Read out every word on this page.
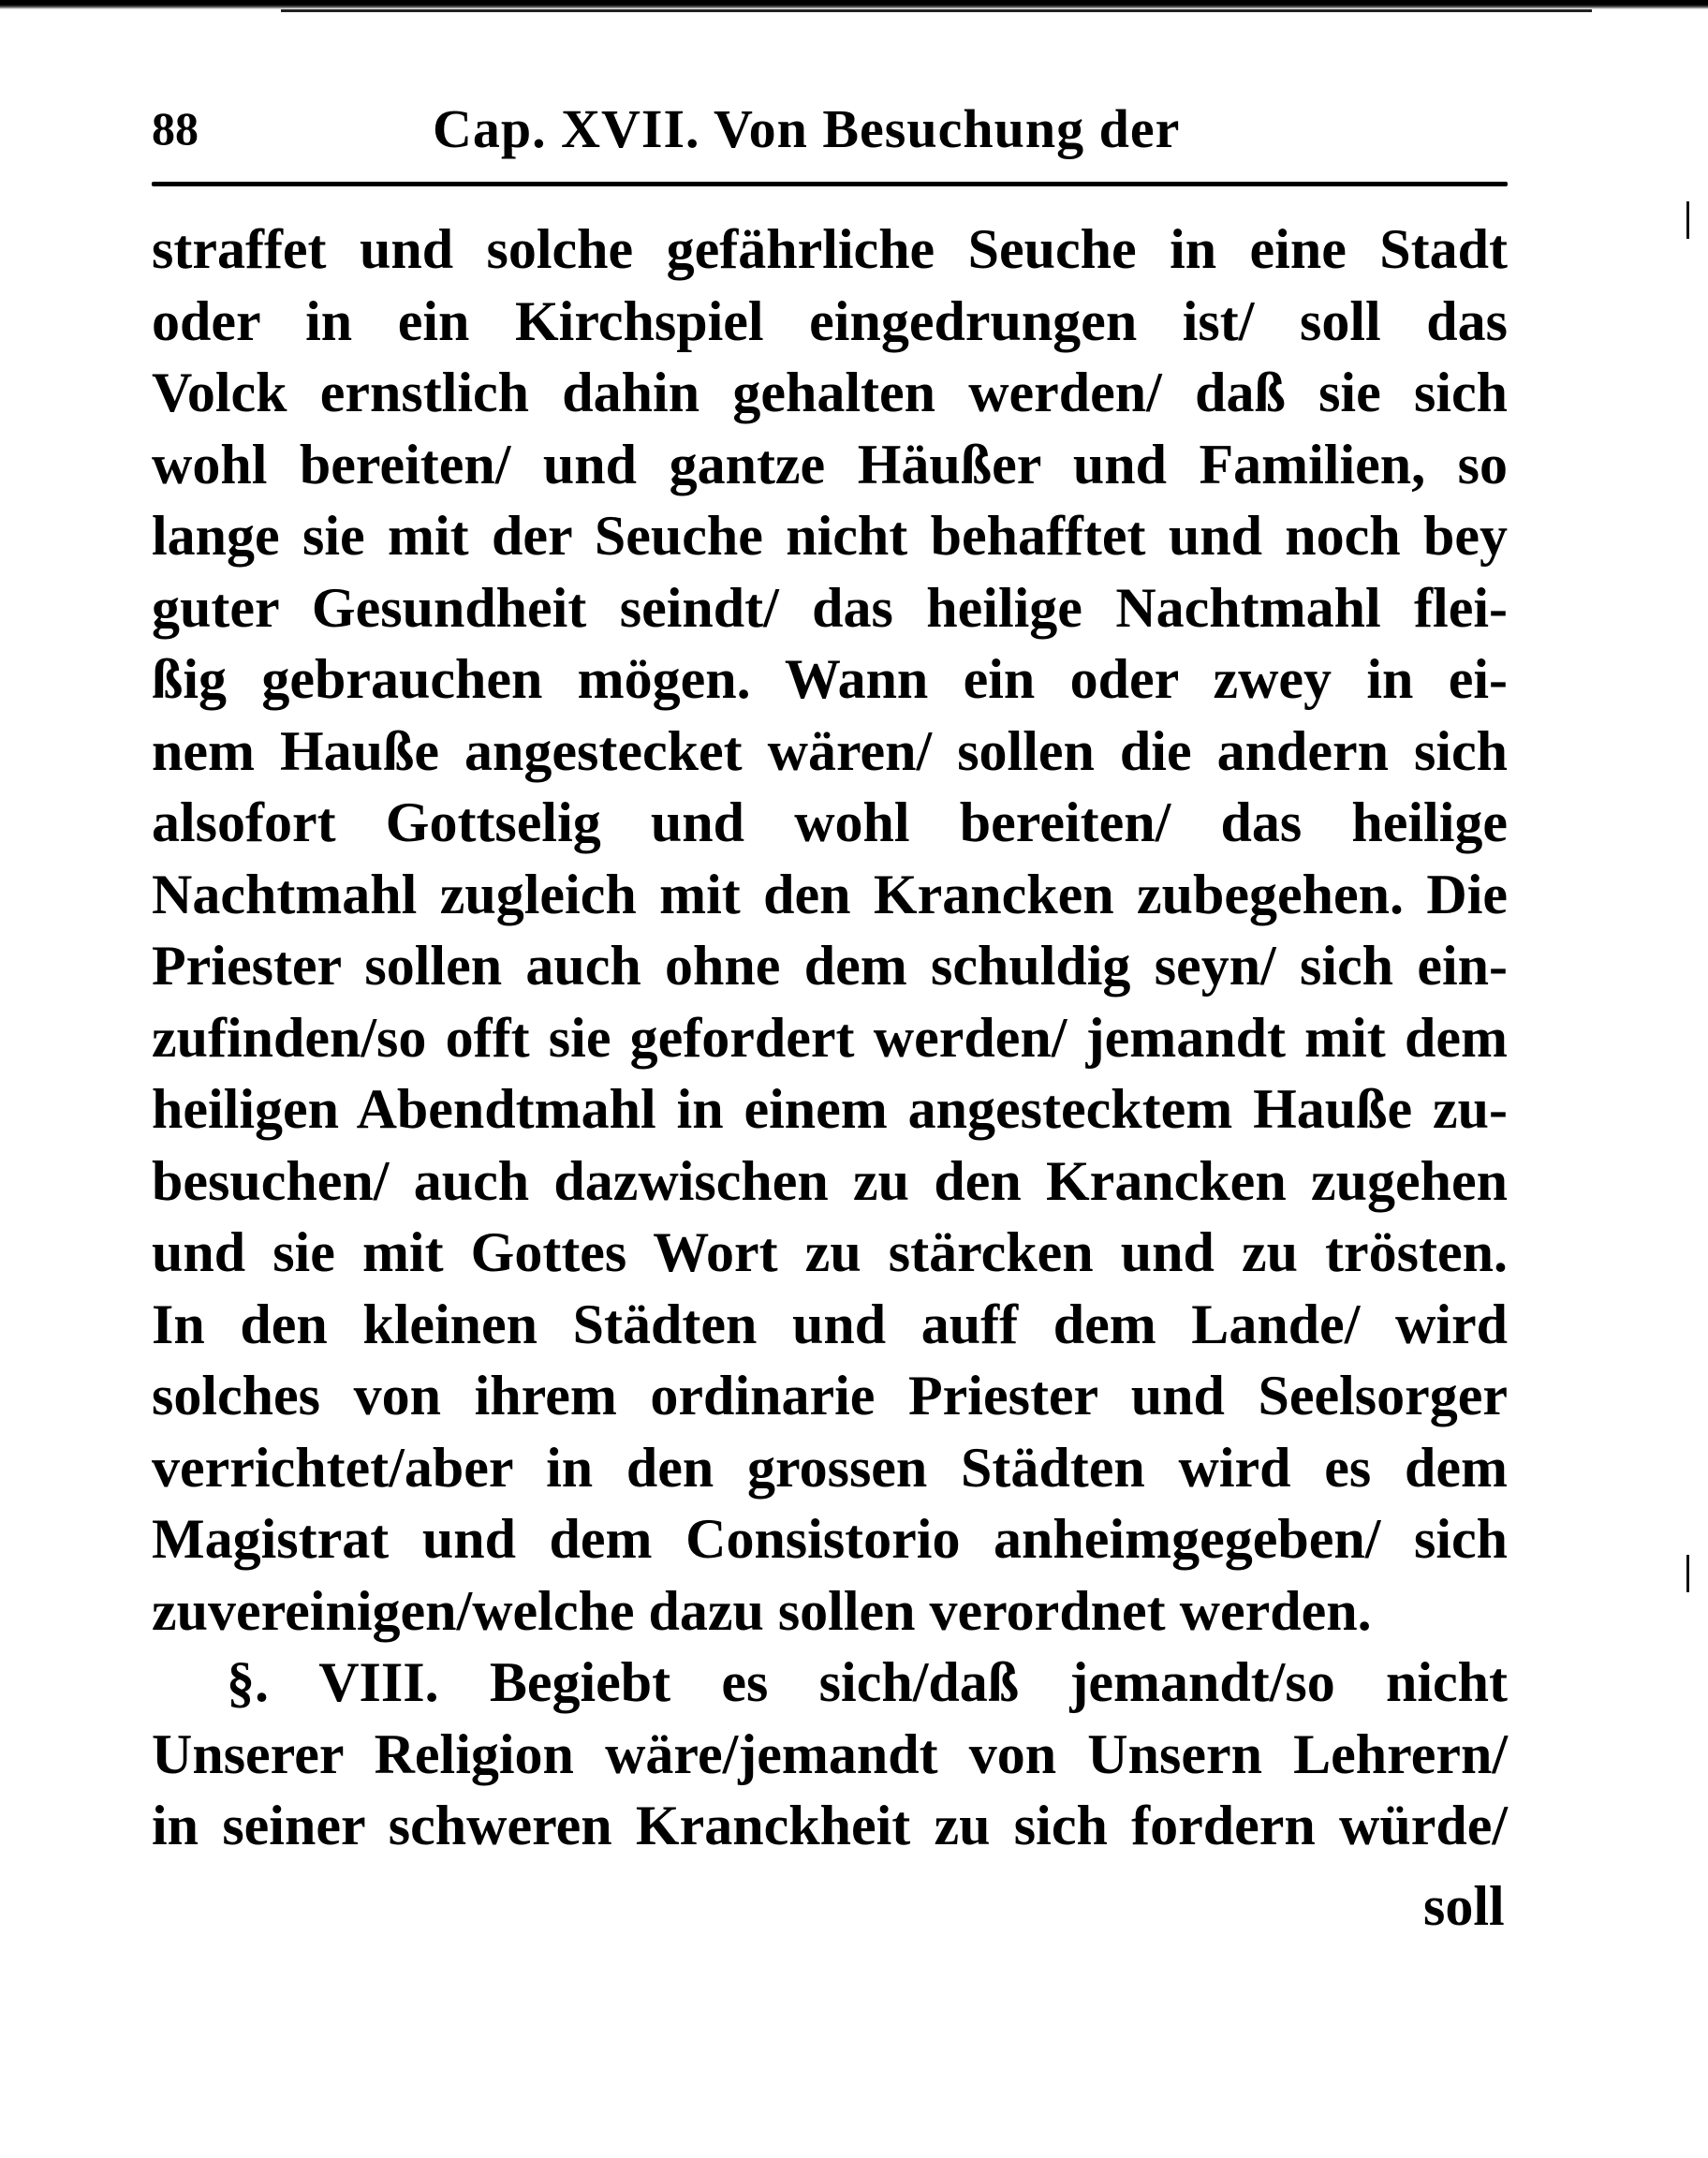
88	Cap. XVII. Von Besuchung der
straffet und solche gefährliche Seuche in eine Stadt
oder in ein Kirchspiel eingedrungen ist/ soll das
Volck ernstlich dahin gehalten werden/ daß sie sich
wohl bereiten/ und gantze Häußer und Familien, so
lange sie mit der Seuche nicht behafftet und noch bey
guter Gesundheit seindt/ das heilige Nachtmahl flei-
ßig gebrauchen mögen. Wann ein oder zwey in ei-
nem Hauße angestecket wären/ sollen die andern sich
alsofort Gottselig und wohl bereiten/ das heilige
Nachtmahl zugleich mit den Krancken zubegehen. Die
Priester sollen auch ohne dem schuldig seyn/ sich ein-
zufinden/so offt sie gefordert werden/ jemandt mit dem
heiligen Abendtmahl in einem angestecktem Hauße zu-
besuchen/ auch dazwischen zu den Krancken zugehen
und sie mit Gottes Wort zu stärcken und zu trösten.
In den kleinen Städten und auff dem Lande/ wird
solches von ihrem ordinarie Priester und Seelsorger
verrichtet/aber in den grossen Städten wird es dem
Magistrat und dem Consistorio anheimgegeben/ sich
zuvereinigen/welche dazu sollen verordnet werden.
§. VIII. Begiebt es sich/daß jemandt/so nicht
Unserer Religion wäre/jemandt von Unsern Lehrern/
in seiner schweren Kranckheit zu sich fordern würde/
soll
